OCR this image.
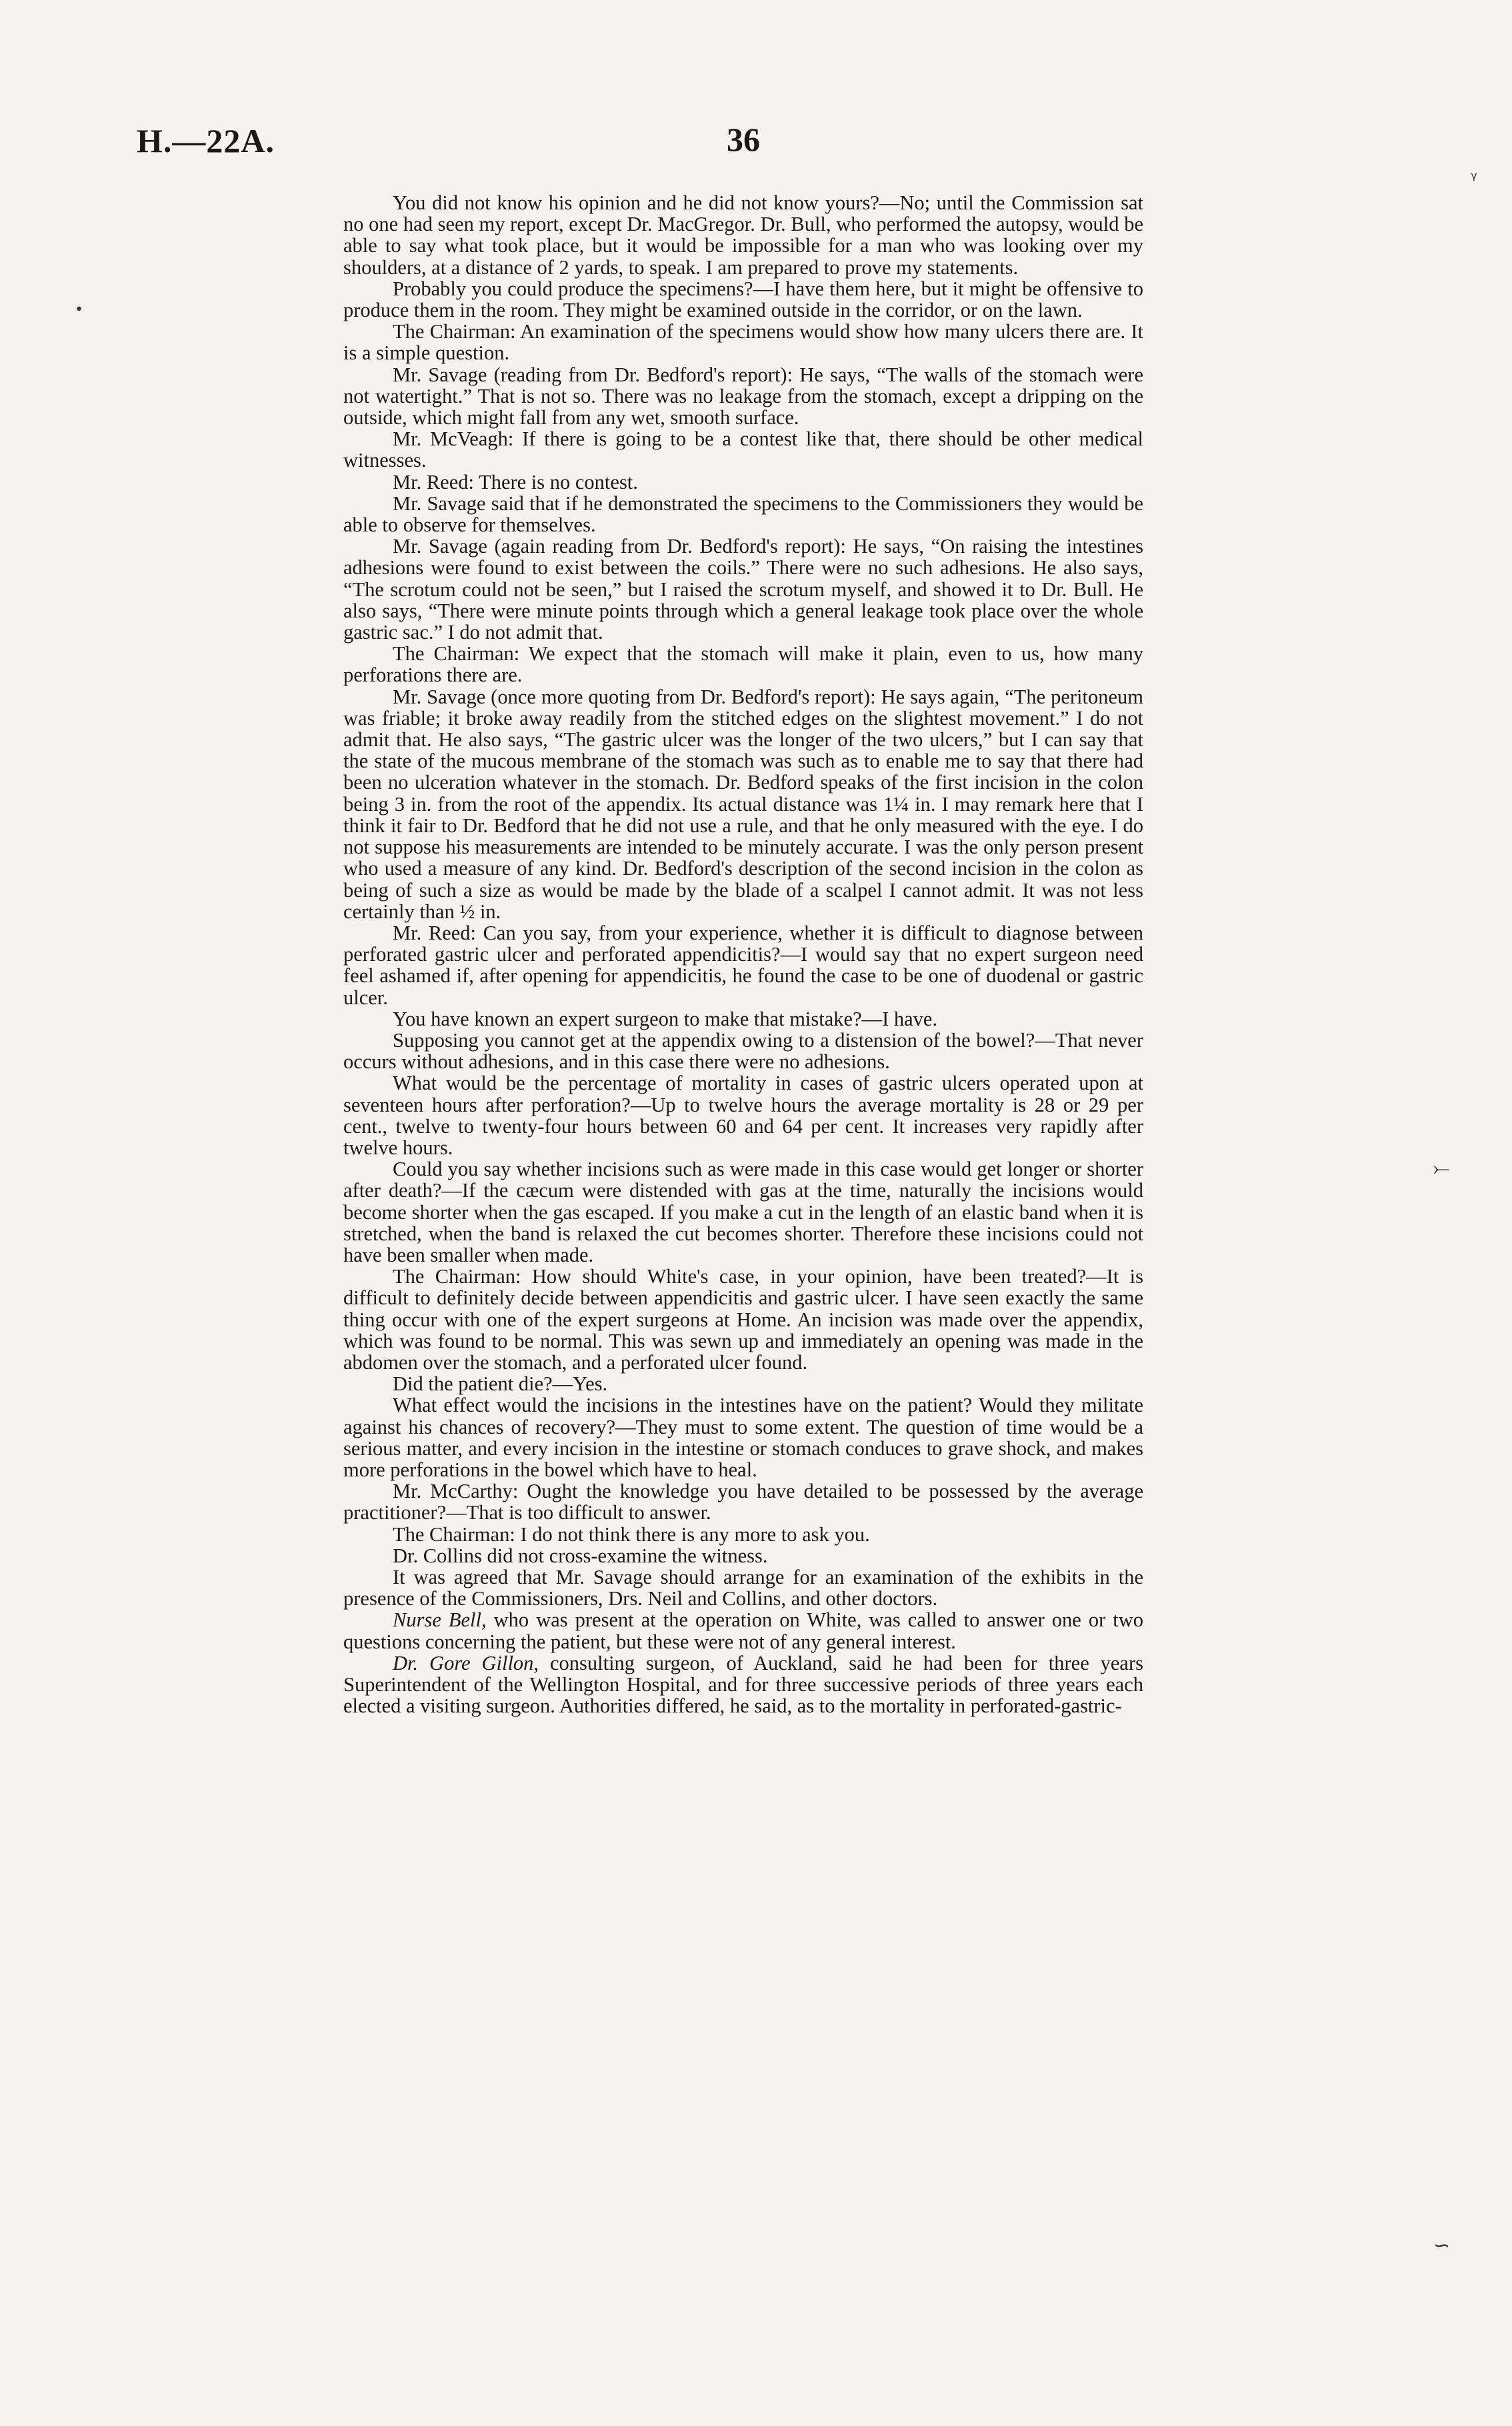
H.—22A.	36
ᵧ
•
⤚
∽

You did not know his opinion and he did not know yours?—No; until the Commission sat no one had seen my report, except Dr. MacGregor. Dr. Bull, who performed the autopsy, would be able to say what took place, but it would be impossible for a man who was looking over my shoulders, at a distance of 2 yards, to speak. I am prepared to prove my statements.

Probably you could produce the specimens?—I have them here, but it might be offensive to produce them in the room. They might be examined outside in the corridor, or on the lawn.

The Chairman: An examination of the specimens would show how many ulcers there are. It is a simple question.

Mr. Savage (reading from Dr. Bedford's report): He says, “The walls of the stomach were not watertight.” That is not so. There was no leakage from the stomach, except a dripping on the outside, which might fall from any wet, smooth surface.

Mr. McVeagh: If there is going to be a contest like that, there should be other medical witnesses.

Mr. Reed: There is no contest.

Mr. Savage said that if he demonstrated the specimens to the Commissioners they would be able to observe for themselves.

Mr. Savage (again reading from Dr. Bedford's report): He says, “On raising the intestines adhesions were found to exist between the coils.” There were no such adhesions. He also says, “The scrotum could not be seen,” but I raised the scrotum myself, and showed it to Dr. Bull. He also says, “There were minute points through which a general leakage took place over the whole gastric sac.” I do not admit that.

The Chairman: We expect that the stomach will make it plain, even to us, how many perforations there are.

Mr. Savage (once more quoting from Dr. Bedford's report): He says again, “The peritoneum was friable; it broke away readily from the stitched edges on the slightest movement.” I do not admit that. He also says, “The gastric ulcer was the longer of the two ulcers,” but I can say that the state of the mucous membrane of the stomach was such as to enable me to say that there had been no ulceration whatever in the stomach. Dr. Bedford speaks of the first incision in the colon being 3 in. from the root of the appendix. Its actual distance was 1¼ in. I may remark here that I think it fair to Dr. Bedford that he did not use a rule, and that he only measured with the eye. I do not suppose his measurements are intended to be minutely accurate. I was the only person present who used a measure of any kind. Dr. Bedford's description of the second incision in the colon as being of such a size as would be made by the blade of a scalpel I cannot admit. It was not less certainly than ½ in.

Mr. Reed: Can you say, from your experience, whether it is difficult to diagnose between perforated gastric ulcer and perforated appendicitis?—I would say that no expert surgeon need feel ashamed if, after opening for appendicitis, he found the case to be one of duodenal or gastric ulcer.

You have known an expert surgeon to make that mistake?—I have.

Supposing you cannot get at the appendix owing to a distension of the bowel?—That never occurs without adhesions, and in this case there were no adhesions.

What would be the percentage of mortality in cases of gastric ulcers operated upon at seventeen hours after perforation?—Up to twelve hours the average mortality is 28 or 29 per cent., twelve to twenty-four hours between 60 and 64 per cent. It increases very rapidly after twelve hours.

Could you say whether incisions such as were made in this case would get longer or shorter after death?—If the cæcum were distended with gas at the time, naturally the incisions would become shorter when the gas escaped. If you make a cut in the length of an elastic band when it is stretched, when the band is relaxed the cut becomes shorter. Therefore these incisions could not have been smaller when made.

The Chairman: How should White's case, in your opinion, have been treated?—It is difficult to definitely decide between appendicitis and gastric ulcer. I have seen exactly the same thing occur with one of the expert surgeons at Home. An incision was made over the appendix, which was found to be normal. This was sewn up and immediately an opening was made in the abdomen over the stomach, and a perforated ulcer found.

Did the patient die?—Yes.

What effect would the incisions in the intestines have on the patient? Would they militate against his chances of recovery?—They must to some extent. The question of time would be a serious matter, and every incision in the intestine or stomach conduces to grave shock, and makes more perforations in the bowel which have to heal.

Mr. McCarthy: Ought the knowledge you have detailed to be possessed by the average practitioner?—That is too difficult to answer.

The Chairman: I do not think there is any more to ask you.

Dr. Collins did not cross-examine the witness.

It was agreed that Mr. Savage should arrange for an examination of the exhibits in the presence of the Commissioners, Drs. Neil and Collins, and other doctors.

Nurse Bell, who was present at the operation on White, was called to answer one or two questions concerning the patient, but these were not of any general interest.

Dr. Gore Gillon, consulting surgeon, of Auckland, said he had been for three years Superintendent of the Wellington Hospital, and for three successive periods of three years each elected a visiting surgeon. Authorities differed, he said, as to the mortality in perforated-gastric-
